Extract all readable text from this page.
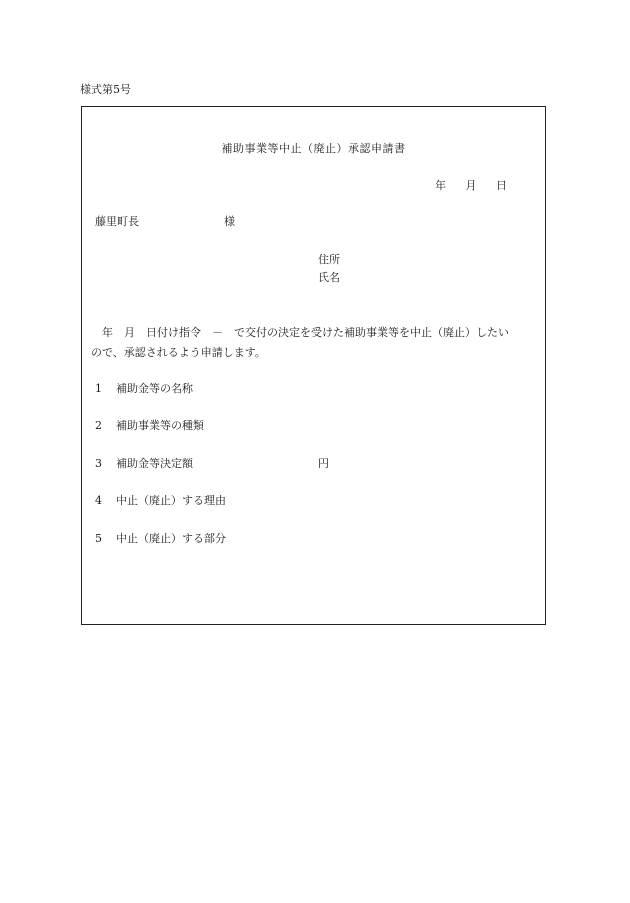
様式第5号
補助事業等中止（廃止）承認申請書
年 月 日
藤里町長	様
住所
氏名
　年　月　日付け指令　－　で交付の決定を受けた補助事業等を中止（廃止）したい
ので、承認されるよう申請します。
1 補助金等の名称
2 補助事業等の種類
3 補助金等決定額	円
4 中止（廃止）する理由
5 中止（廃止）する部分
